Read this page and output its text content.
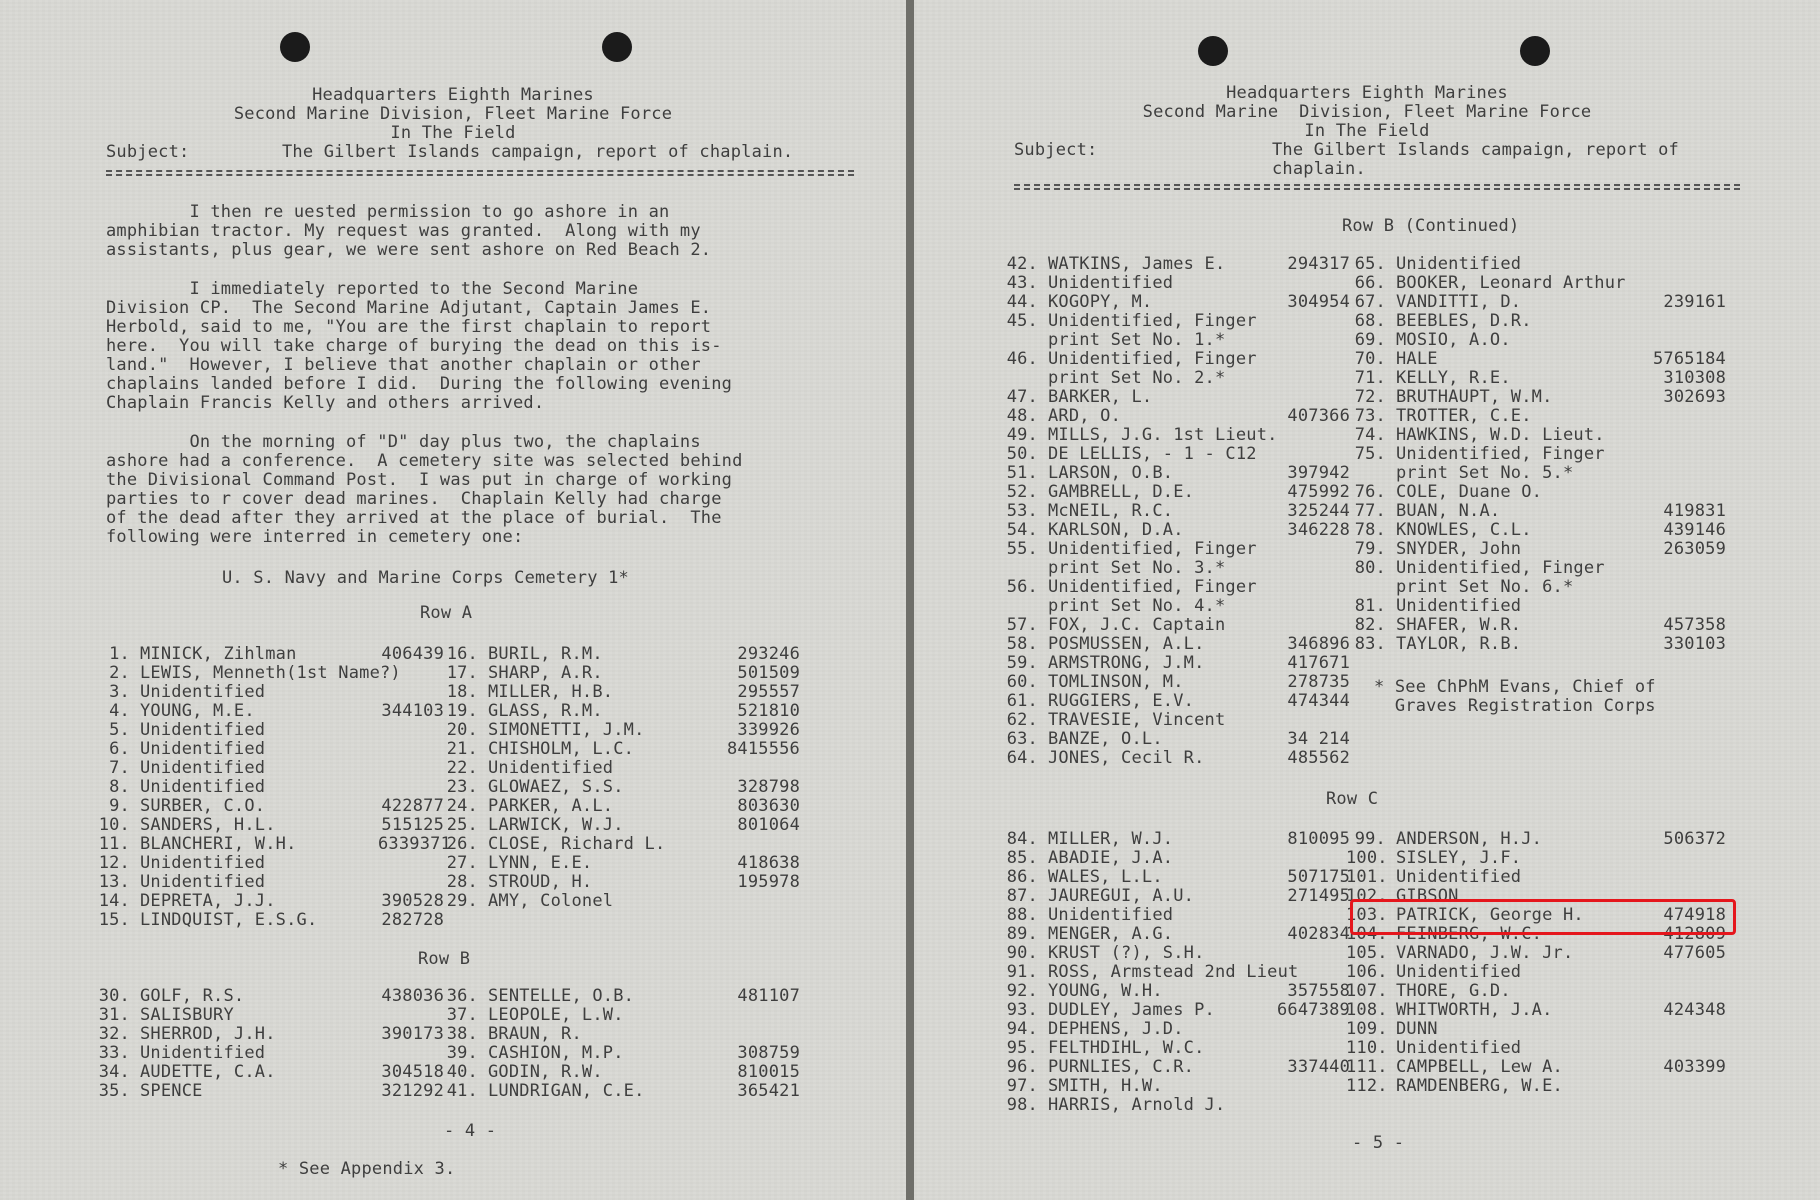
Headquarters Eighth Marines
Second Marine Division, Fleet Marine Force
In The Field
Subject:	The Gilbert Islands campaign, report of chaplain.
I then re uested permission to go ashore in an
amphibian tractor. My request was granted.  Along with my
assistants, plus gear, we were sent ashore on Red Beach 2.
I immediately reported to the Second Marine
Division CP.  The Second Marine Adjutant, Captain James E.
Herbold, said to me, "You are the first chaplain to report
here.  You will take charge of burying the dead on this is-
land."  However, I believe that another chaplain or other
chaplains landed before I did.  During the following evening
Chaplain Francis Kelly and others arrived.
On the morning of "D" day plus two, the chaplains
ashore had a conference.  A cemetery site was selected behind
the Divisional Command Post.  I was put in charge of working
parties to r cover dead marines.  Chaplain Kelly had charge
of the dead after they arrived at the place of burial.  The
following were interred in cemetery one:
U. S. Navy and Marine Corps Cemetery 1*
Row A
1. MINICK, Zihlman	406439
2. LEWIS, Menneth(1st Name?)
3. Unidentified
4. YOUNG, M.E.	344103
5. Unidentified
6. Unidentified
7. Unidentified
8. Unidentified
9. SURBER, C.O.	422877
10. SANDERS, H.L.	515125
11. BLANCHERI, W.H.	6339371
12. Unidentified
13. Unidentified
14. DEPRETA, J.J.	390528
15. LINDQUIST, E.S.G.	282728
16. BURIL, R.M.	293246
17. SHARP, A.R.	501509
18. MILLER, H.B.	295557
19. GLASS, R.M.	521810
20. SIMONETTI, J.M.	339926
21. CHISHOLM, L.C.	8415556
22. Unidentified
23. GLOWAEZ, S.S.	328798
24. PARKER, A.L.	803630
25. LARWICK, W.J.	801064
26. CLOSE, Richard L.
27. LYNN, E.E.	418638
28. STROUD, H.	195978
29. AMY, Colonel
Row B
30. GOLF, R.S.	438036
31. SALISBURY
32. SHERROD, J.H.	390173
33. Unidentified
34. AUDETTE, C.A.	304518
35. SPENCE	321292
36. SENTELLE, O.B.	481107
37. LEOPOLE, L.W.
38. BRAUN, R.
39. CASHION, M.P.	308759
40. GODIN, R.W.	810015
41. LUNDRIGAN, C.E.	365421
- 4 -
* See Appendix 3.
Headquarters Eighth Marines
Second Marine  Division, Fleet Marine Force
In The Field
Subject:	The Gilbert Islands campaign, report of
chaplain.
Row B (Continued)
42. WATKINS, James E.	294317
43. Unidentified
44. KOGOPY, M.	304954
45. Unidentified, Finger
print Set No. 1.*
46. Unidentified, Finger
print Set No. 2.*
47. BARKER, L.
48. ARD, O.	407366
49. MILLS, J.G. 1st Lieut.
50. DE LELLIS, - 1 - C12
51. LARSON, O.B.	397942
52. GAMBRELL, D.E.	475992
53. McNEIL, R.C.	325244
54. KARLSON, D.A.	346228
55. Unidentified, Finger
print Set No. 3.*
56. Unidentified, Finger
print Set No. 4.*
57. FOX, J.C. Captain
58. POSMUSSEN, A.L.	346896
59. ARMSTRONG, J.M.	417671
60. TOMLINSON, M.	278735
61. RUGGIERS, E.V.	474344
62. TRAVESIE, Vincent
63. BANZE, O.L.	34 214
64. JONES, Cecil R.	485562
65. Unidentified
66. BOOKER, Leonard Arthur
67. VANDITTI, D.	239161
68. BEEBLES, D.R.
69. MOSIO, A.O.
70. HALE	5765184
71. KELLY, R.E.	310308
72. BRUTHAUPT, W.M.	302693
73. TROTTER, C.E.
74. HAWKINS, W.D. Lieut.
75. Unidentified, Finger
print Set No. 5.*
76. COLE, Duane O.
77. BUAN, N.A.	419831
78. KNOWLES, C.L.	439146
79. SNYDER, John	263059
80. Unidentified, Finger
print Set No. 6.*
81. Unidentified
82. SHAFER, W.R.	457358
83. TAYLOR, R.B.	330103
* See ChPhM Evans, Chief of
Graves Registration Corps
Row C
84. MILLER, W.J.	810095
85. ABADIE, J.A.
86. WALES, L.L.	507175
87. JAUREGUI, A.U.	271495
88. Unidentified
89. MENGER, A.G.	402834
90. KRUST (?), S.H.
91. ROSS, Armstead 2nd Lieut
92. YOUNG, W.H.	357558
93. DUDLEY, James P.	6647389
94. DEPHENS, J.D.
95. FELTHDIHL, W.C.
96. PURNLIES, C.R.	337440
97. SMITH, H.W.
98. HARRIS, Arnold J.
99. ANDERSON, H.J.	506372
100. SISLEY, J.F.
101. Unidentified
102. GIBSON
103. PATRICK, George H.	474918
104. FEINBERG, W.C.	412809
105. VARNADO, J.W. Jr.	477605
106. Unidentified
107. THORE, G.D.
108. WHITWORTH, J.A.	424348
109. DUNN
110. Unidentified
111. CAMPBELL, Lew A.	403399
112. RAMDENBERG, W.E.
- 5 -
